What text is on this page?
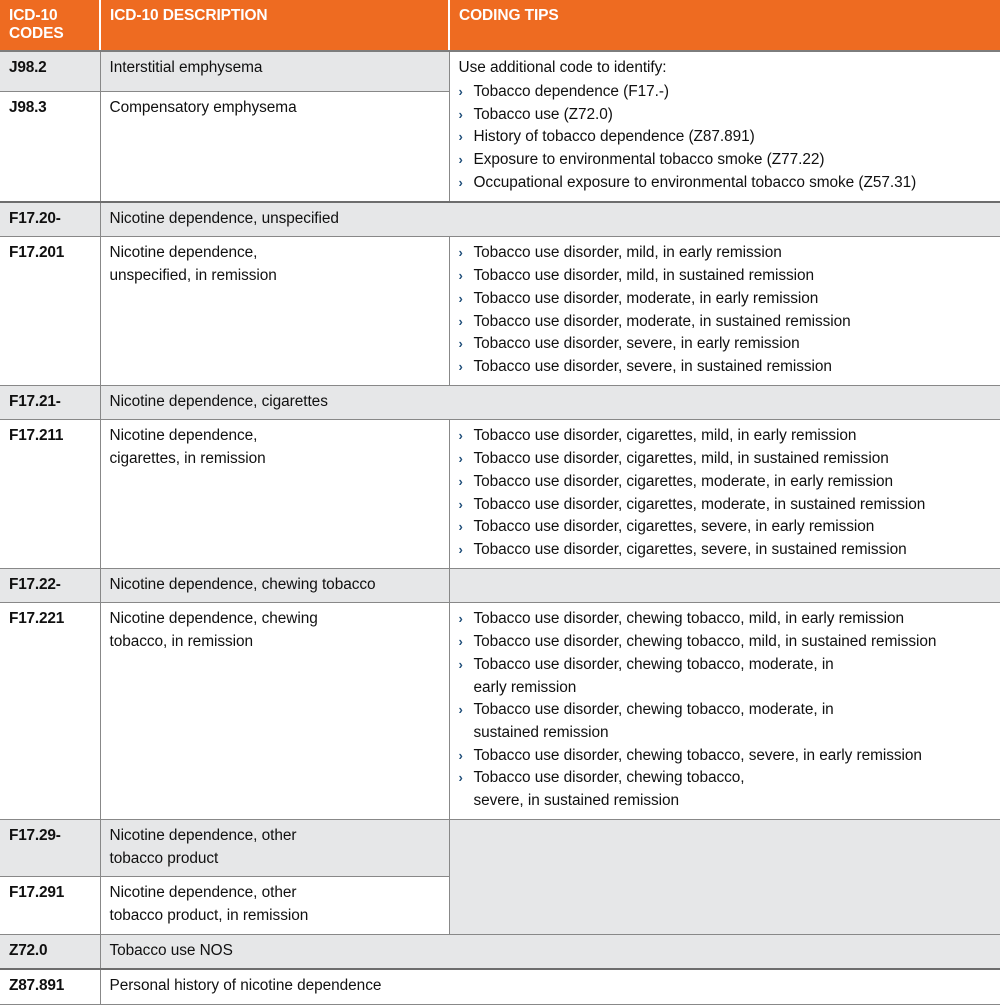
ICD-10 CODES	ICD-10 DESCRIPTION	CODING TIPS
J98.2	Interstitial emphysema	Use additional code to identify:
› Tobacco dependence (F17.-)
› Tobacco use (Z72.0)
› History of tobacco dependence (Z87.891)
› Exposure to environmental tobacco smoke (Z77.22)
› Occupational exposure to environmental tobacco smoke (Z57.31)

J98.3	Compensatory emphysema	
F17.20-	Nicotine dependence, unspecified	
F17.201	Nicotine dependence,
unspecified, in remission

› Tobacco use disorder, mild, in early remission
› Tobacco use disorder, mild, in sustained remission
› Tobacco use disorder, moderate, in early remission
› Tobacco use disorder, moderate, in sustained remission
› Tobacco use disorder, severe, in early remission
› Tobacco use disorder, severe, in sustained remission

F17.21-	Nicotine dependence, cigarettes	
F17.211	Nicotine dependence,
cigarettes, in remission

› Tobacco use disorder, cigarettes, mild, in early remission
› Tobacco use disorder, cigarettes, mild, in sustained remission
› Tobacco use disorder, cigarettes, moderate, in early remission
› Tobacco use disorder, cigarettes, moderate, in sustained remission
› Tobacco use disorder, cigarettes, severe, in early remission
› Tobacco use disorder, cigarettes, severe, in sustained remission

F17.22-	Nicotine dependence, chewing tobacco	
F17.221	Nicotine dependence, chewing
tobacco, in remission

› Tobacco use disorder, chewing tobacco, mild, in early remission
› Tobacco use disorder, chewing tobacco, mild, in sustained remission
› Tobacco use disorder, chewing tobacco, moderate, in
early remission
› Tobacco use disorder, chewing tobacco, moderate, in
sustained remission
› Tobacco use disorder, chewing tobacco, severe, in early remission
› Tobacco use disorder, chewing tobacco,
severe, in sustained remission

F17.29-	Nicotine dependence, other
tobacco product	

F17.291	Nicotine dependence, other
tobacco product, in remission	

Z72.0	Tobacco use NOS	
Z87.891	Personal history of nicotine dependence	
